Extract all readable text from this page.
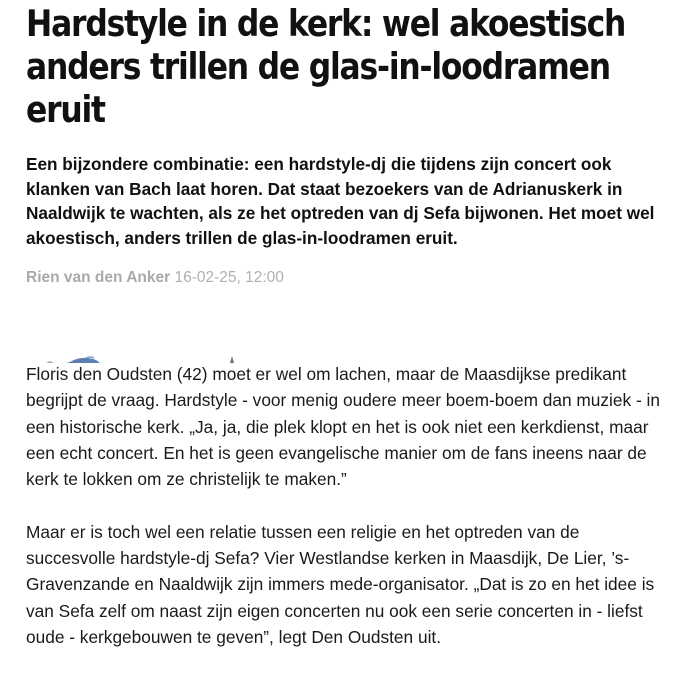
Hardstyle in de kerk: wel akoestisch anders trillen de glas-in-loodramen eruit

Een bijzondere combinatie: een hardstyle-dj die tijdens zijn concert ook klanken van Bach laat horen. Dat staat bezoekers van de Adrianuskerk in Naaldwijk te wachten, als ze het optreden van dj Sefa bijwonen. Het moet wel akoestisch, anders trillen de glas-in-loodramen eruit.

Rien van den Anker 16-02-25, 12:00

Floris den Oudsten (42) moet er wel om lachen, maar de Maasdijkse predikant begrijpt de vraag. Hardstyle - voor menig oudere meer boem-boem dan muziek - in een historische kerk. „Ja, ja, die plek klopt en het is ook niet een kerkdienst, maar een echt concert. En het is geen evangelische manier om de fans ineens naar de kerk te lokken om ze christelijk te maken.”

Maar er is toch wel een relatie tussen een religie en het optreden van de succesvolle hardstyle-dj Sefa? Vier Westlandse kerken in Maasdijk, De Lier, ’s-Gravenzande en Naaldwijk zijn immers mede-organisator. „Dat is zo en het idee is van Sefa zelf om naast zijn eigen concerten nu ook een serie concerten in - liefst oude - kerkgebouwen te geven”, legt Den Oudsten uit.
